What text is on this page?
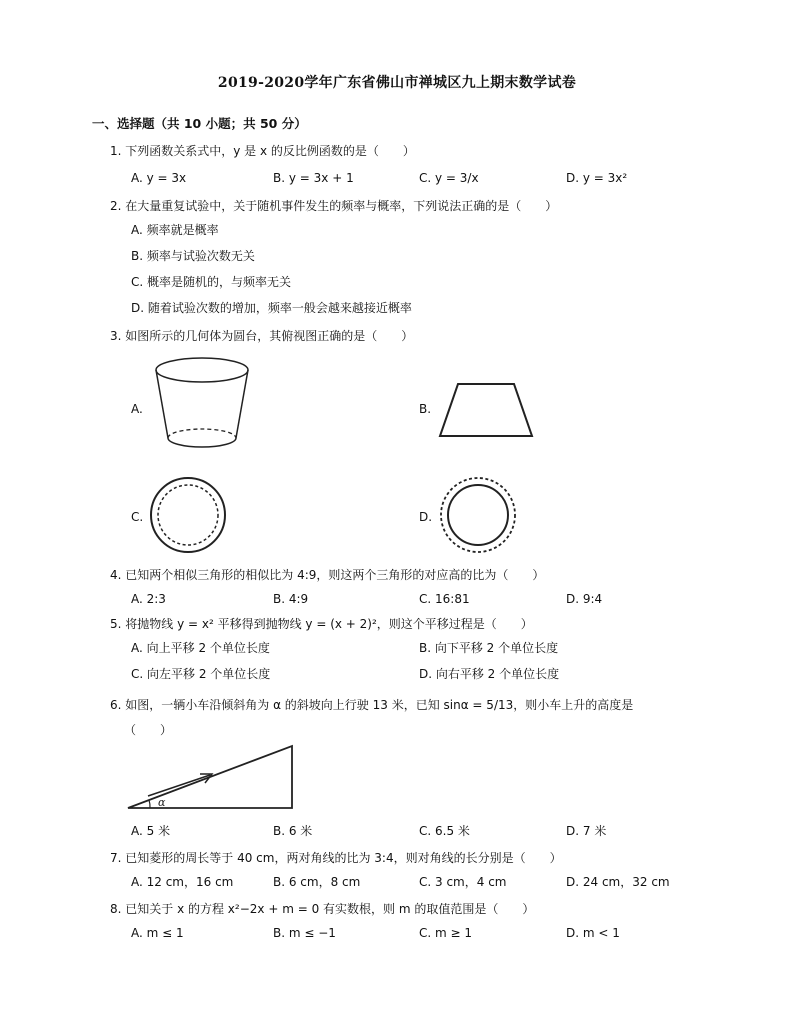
2019-2020学年广东省佛山市禅城区九上期末数学试卷
一、选择题（共 10 小题；共 50 分）
1. 下列函数关系式中，y 是 x 的反比例函数的是（　　）
A. y = 3x	B. y = 3x + 1	C. y = 3/x	D. y = 3x²
2. 在大量重复试验中，关于随机事件发生的频率与概率，下列说法正确的是（　　）
A. 频率就是概率
B. 频率与试验次数无关
C. 概率是随机的，与频率无关
D. 随着试验次数的增加，频率一般会越来越接近概率
3. 如图所示的几何体为圆台，其俯视图正确的是（　　）
A.	B.
C.	D.
4. 已知两个相似三角形的相似比为 4:9，则这两个三角形的对应高的比为（　　）
A. 2:3	B. 4:9	C. 16:81	D. 9:4
5. 将抛物线 y = x² 平移得到抛物线 y = (x + 2)²，则这个平移过程是（　　）
A. 向上平移 2 个单位长度	B. 向下平移 2 个单位长度
C. 向左平移 2 个单位长度	D. 向右平移 2 个单位长度
6. 如图，一辆小车沿倾斜角为 α 的斜坡向上行驶 13 米，已知 sinα = 5/13，则小车上升的高度是
（　　）
α
A. 5 米	B. 6 米	C. 6.5 米	D. 7 米
7. 已知菱形的周长等于 40 cm，两对角线的比为 3:4，则对角线的长分别是（　　）
A. 12 cm，16 cm	B. 6 cm，8 cm	C. 3 cm，4 cm	D. 24 cm，32 cm
8. 已知关于 x 的方程 x²−2x + m = 0 有实数根，则 m 的取值范围是（　　）
A. m ≤ 1	B. m ≤ −1	C. m ≥ 1	D. m < 1
